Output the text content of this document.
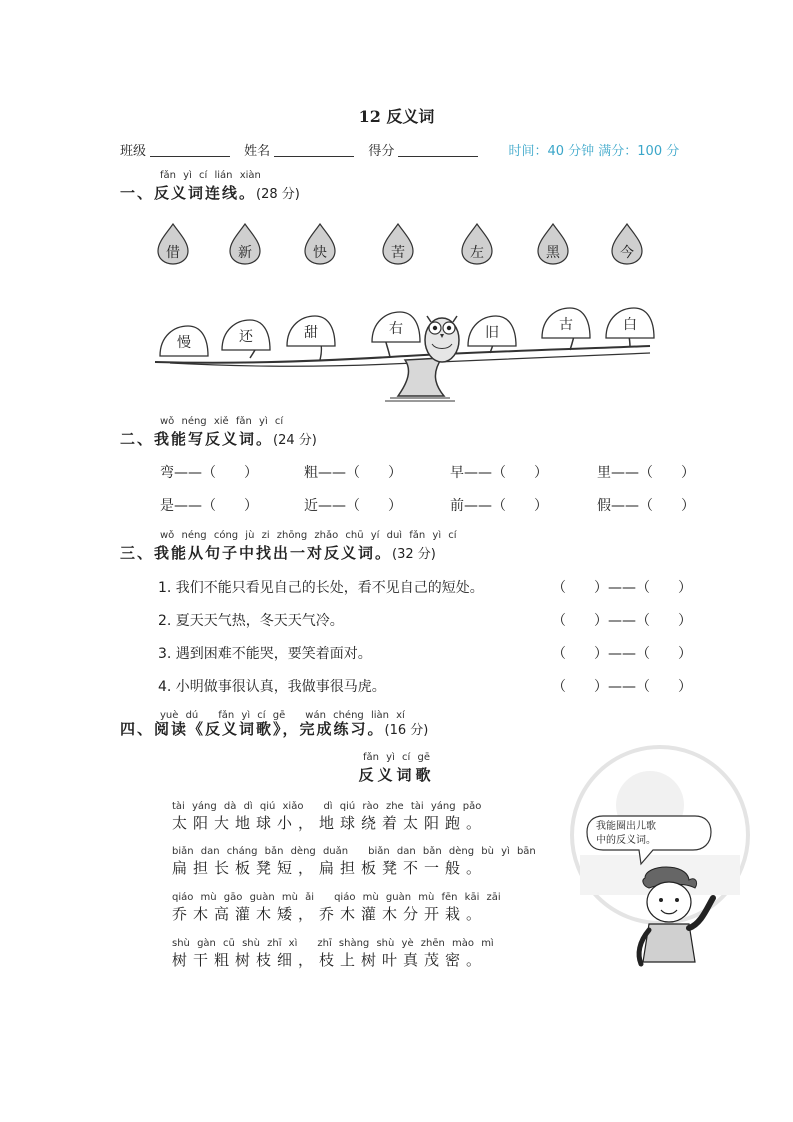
12 反义词
班级	姓名	得分	时间：40 分钟 满分：100 分
fǎn yì cí lián xiàn
一、反义词连线。(28 分)
借	新	快	苦	左	黑	今
慢	还	甜	右	旧	古	白
wǒ néng xiě fǎn yì cí
二、我能写反义词。(24 分)
弯——（　　）	粗——（　　）	早——（　　）	里——（　　）
是——（　　）	近——（　　）	前——（　　）	假——（　　）
wǒ néng cóng jù zi zhōng zhǎo chū yí duì fǎn yì cí
三、我能从句子中找出一对反义词。(32 分)
1. 我们不能只看见自己的长处，看不见自己的短处。	（　　）——（　　）
2. 夏天天气热，冬天天气冷。	（　　）——（　　）
3. 遇到困难不能哭，要笑着面对。	（　　）——（　　）
4. 小明做事很认真，我做事很马虎。	（　　）——（　　）
yuè dú　　fǎn yì cí gē　　wán chéng liàn xí
四、阅读《反义词歌》，完成练习。(16 分)
fǎn yì cí gē
反义词歌
tài yáng dà dì qiú xiǎo　　dì qiú rào zhe tài yáng pǎo
太阳大地球小，地球绕着太阳跑。
biǎn dan cháng bǎn dèng duǎn　　biǎn dan bǎn dèng bù yì bān
扁担长板凳短，扁担板凳不一般。
qiáo mù gāo guàn mù ǎi　　qiáo mù guàn mù fēn kāi zāi
乔木高灌木矮，乔木灌木分开栽。
shù gàn cū shù zhī xì　　zhī shàng shù yè zhēn mào mì
树干粗树枝细，枝上树叶真茂密。
我能圈出儿歌
中的反义词。
